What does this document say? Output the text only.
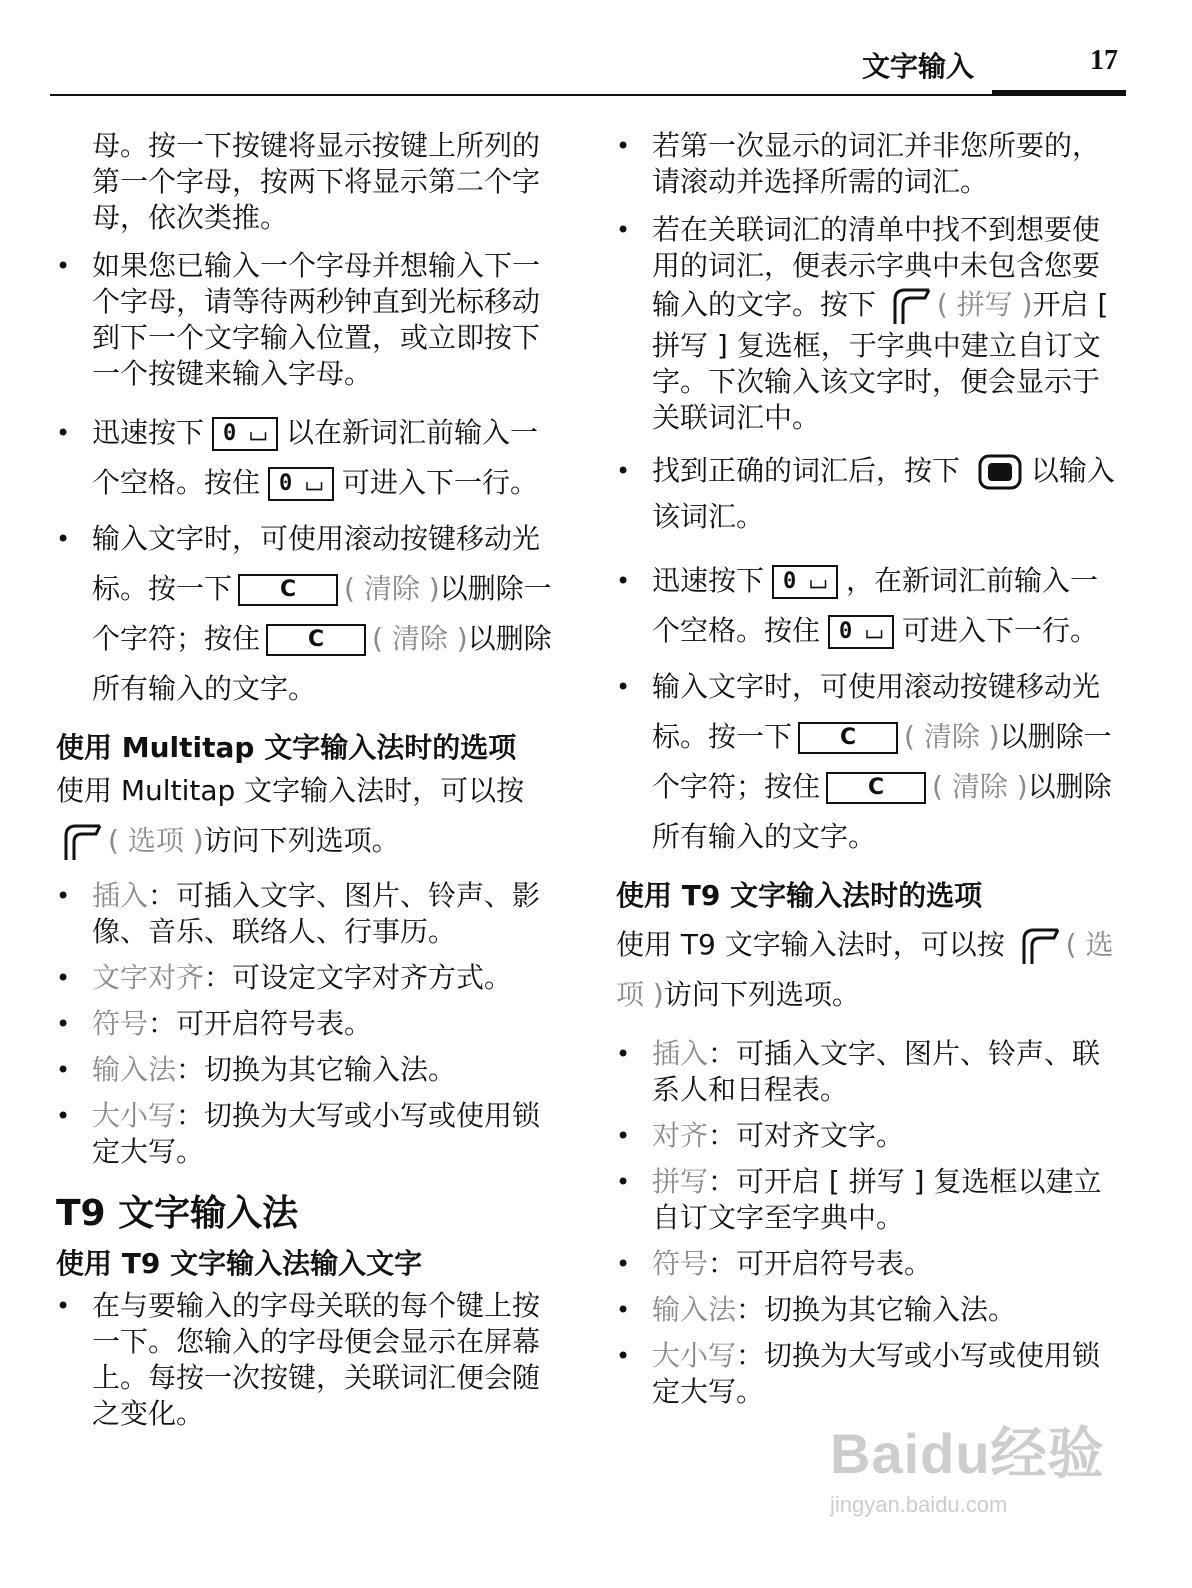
文字输入	17

母。按一下按键将显示按键上所列的第一个字母，按两下将显示第二个字母，依次类推。

• 如果您已输入一个字母并想输入下一个字母，请等待两秒钟直到光标移动到下一个文字输入位置，或立即按下一个按键来输入字母。

• 迅速按下 0 ⌴ 以在新词汇前输入一个空格。按住 0 ⌴ 可进入下一行。

• 输入文字时，可使用滚动按键移动光标。按一下 C ( 清除 )以删除一个字符；按住 C ( 清除 )以删除所有输入的文字。

使用 Multitap 文字输入法时的选项

使用 Multitap 文字输入法时，可以按 ( 选项 )访问下列选项。

• 插入：可插入文字、图片、铃声、影像、音乐、联络人、行事历。

• 文字对齐：可设定文字对齐方式。

• 符号：可开启符号表。

• 输入法：切换为其它输入法。

• 大小写：切换为大写或小写或使用锁定大写。

T9 文字输入法

使用 T9 文字输入法输入文字

• 在与要输入的字母关联的每个键上按一下。您输入的字母便会显示在屏幕上。每按一次按键，关联词汇便会随之变化。

• 若第一次显示的词汇并非您所要的，请滚动并选择所需的词汇。

• 若在关联词汇的清单中找不到想要使用的词汇，便表示字典中未包含您要输入的文字。按下 ( 拼写 )开启 [ 拼写 ] 复选框，于字典中建立自订文字。下次输入该文字时，便会显示于关联词汇中。

• 找到正确的词汇后，按下	以输入该词汇。

• 迅速按下 0 ⌴ ，在新词汇前输入一个空格。按住 0 ⌴ 可进入下一行。

• 输入文字时，可使用滚动按键移动光标。按一下 C ( 清除 )以删除一个字符；按住 C ( 清除 )以删除所有输入的文字。

使用 T9 文字输入法时的选项

使用 T9 文字输入法时，可以按 ( 选项 )访问下列选项。

• 插入：可插入文字、图片、铃声、联系人和日程表。

• 对齐：可对齐文字。

• 拼写：可开启 [ 拼写 ] 复选框以建立自订文字至字典中。

• 符号：可开启符号表。

• 输入法：切换为其它输入法。

• 大小写：切换为大写或小写或使用锁定大写。

Baidu经验
jingyan.baidu.com
